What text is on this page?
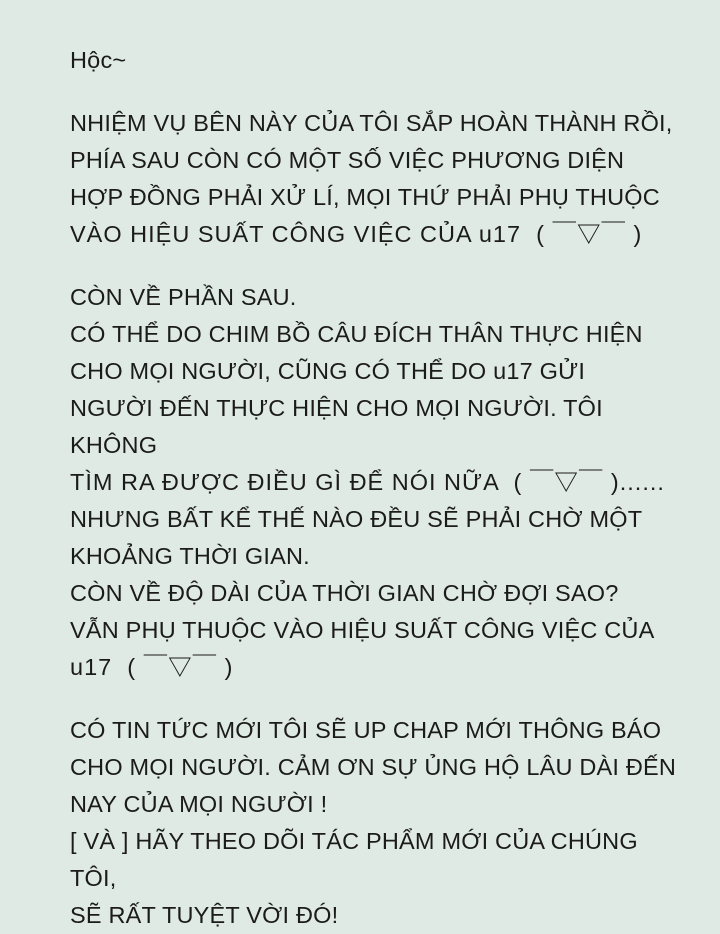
Hộc~
NHIỆM VỤ BÊN NÀY CỦA TÔI SẮP HOÀN THÀNH RỒI,
PHÍA SAU CÒN CÓ MỘT SỐ VIỆC PHƯƠNG DIỆN
HỢP ĐỒNG PHẢI XỬ LÍ, MỌI THỨ PHẢI PHỤ THUỘC
VÀO HIỆU SUẤT CÔNG VIỆC CỦA u17  ( ￣▽￣ )
CÒN VỀ PHẦN SAU.
CÓ THỂ DO CHIM BỒ CÂU ĐÍCH THÂN THỰC HIỆN
CHO MỌI NGƯỜI, CŨNG CÓ THỂ DO u17 GỬI
NGƯỜI ĐẾN THỰC HIỆN CHO MỌI NGƯỜI. TÔI KHÔNG
TÌM RA ĐƯỢC ĐIỀU GÌ ĐỂ NÓI NỮA  ( ￣▽￣ )......
NHƯNG BẤT KỂ THẾ NÀO ĐỀU SẼ PHẢI CHỜ MỘT
KHOẢNG THỜI GIAN.
CÒN VỀ ĐỘ DÀI CỦA THỜI GIAN CHỜ ĐỢI SAO?
VẪN PHỤ THUỘC VÀO HIỆU SUẤT CÔNG VIỆC CỦA
u17  ( ￣▽￣ )
CÓ TIN TỨC MỚI TÔI SẼ UP CHAP MỚI THÔNG BÁO
CHO MỌI NGƯỜI. CẢM ƠN SỰ ỦNG HỘ LÂU DÀI ĐẾN
NAY CỦA MỌI NGƯỜI !
[ VÀ ] HÃY THEO DÕI TÁC PHẨM MỚI CỦA CHÚNG TÔI,
SẼ RẤT TUYỆT VỜI ĐÓ!
